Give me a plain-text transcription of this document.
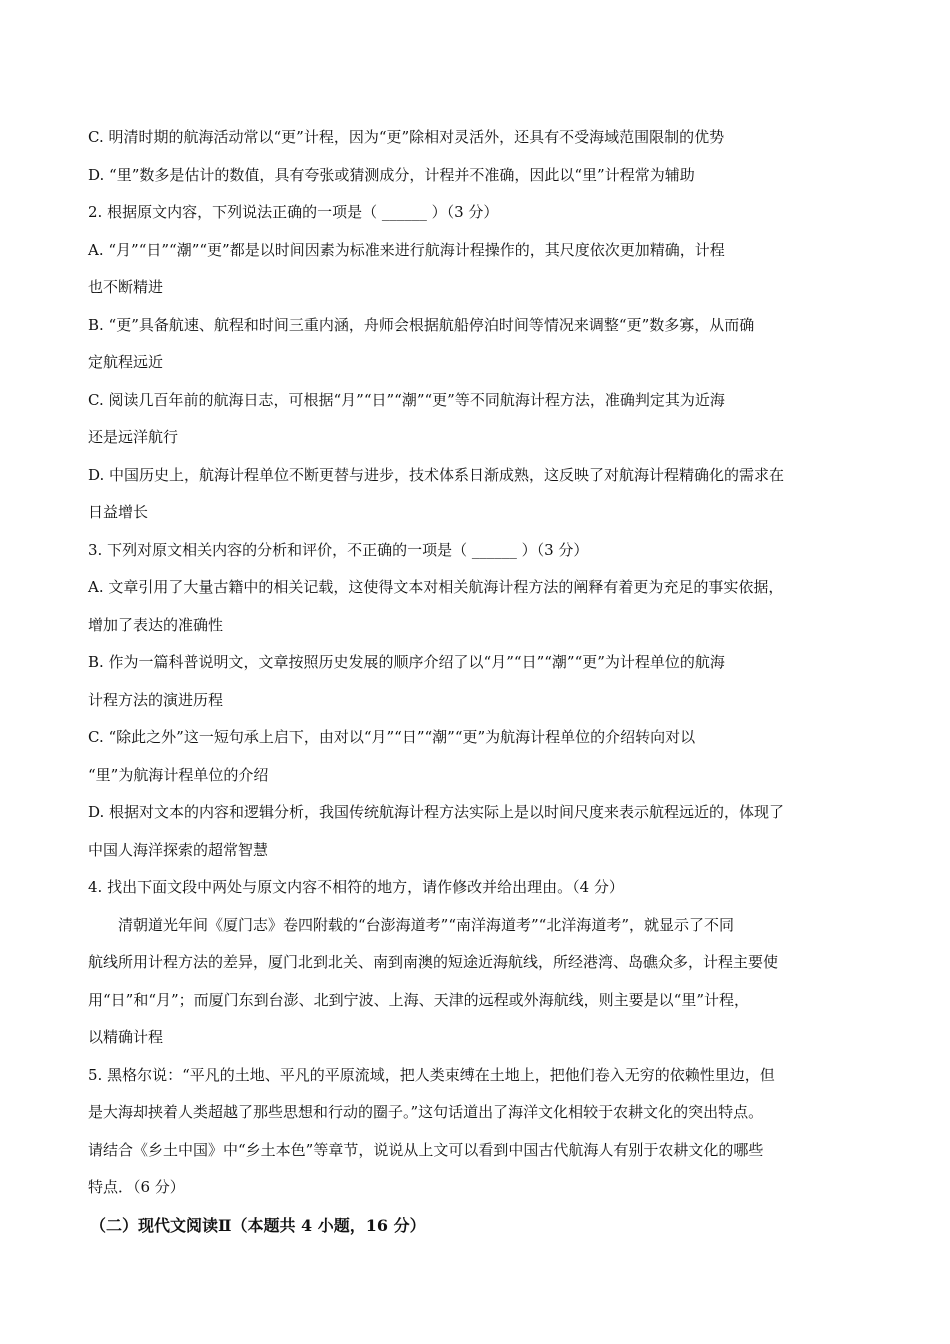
C. 明清时期的航海活动常以“更”计程，因为“更”除相对灵活外，还具有不受海域范围限制的优势
D. “里”数多是估计的数值，具有夸张或猜测成分，计程并不准确，因此以“里”计程常为辅助
2. 根据原文内容，下列说法正确的一项是（ ______ ）（3 分）
A. “月”“日”“潮”“更”都是以时间因素为标准来进行航海计程操作的，其尺度依次更加精确，计程
也不断精进
B. “更”具备航速、航程和时间三重内涵，舟师会根据航船停泊时间等情况来调整“更”数多寡，从而确
定航程远近
C. 阅读几百年前的航海日志，可根据“月”“日”“潮”“更”等不同航海计程方法，准确判定其为近海
还是远洋航行
D. 中国历史上，航海计程单位不断更替与进步，技术体系日渐成熟，这反映了对航海计程精确化的需求在
日益增长
3. 下列对原文相关内容的分析和评价，不正确的一项是（ ______ ）（3 分）
A. 文章引用了大量古籍中的相关记载，这使得文本对相关航海计程方法的阐释有着更为充足的事实依据，
增加了表达的准确性
B. 作为一篇科普说明文，文章按照历史发展的顺序介绍了以“月”“日”“潮”“更”为计程单位的航海
计程方法的演进历程
C. “除此之外”这一短句承上启下，由对以“月”“日”“潮”“更”为航海计程单位的介绍转向对以
“里”为航海计程单位的介绍
D. 根据对文本的内容和逻辑分析，我国传统航海计程方法实际上是以时间尺度来表示航程远近的，体现了
中国人海洋探索的超常智慧
4. 找出下面文段中两处与原文内容不相符的地方，请作修改并给出理由。（4 分）
清朝道光年间《厦门志》卷四附载的“台澎海道考”“南洋海道考”“北洋海道考”，就显示了不同
航线所用计程方法的差异，厦门北到北关、南到南澳的短途近海航线，所经港湾、岛礁众多，计程主要使
用“日”和“月”；而厦门东到台澎、北到宁波、上海、天津的远程或外海航线，则主要是以“里”计程，
以精确计程
5. 黑格尔说：“平凡的土地、平凡的平原流域，把人类束缚在土地上，把他们卷入无穷的依赖性里边，但
是大海却挟着人类超越了那些思想和行动的圈子。”这句话道出了海洋文化相较于农耕文化的突出特点。
请结合《乡土中国》中“乡土本色”等章节，说说从上文可以看到中国古代航海人有别于农耕文化的哪些
特点．（6 分）
（二）现代文阅读Ⅱ（本题共 4 小题，16 分）
